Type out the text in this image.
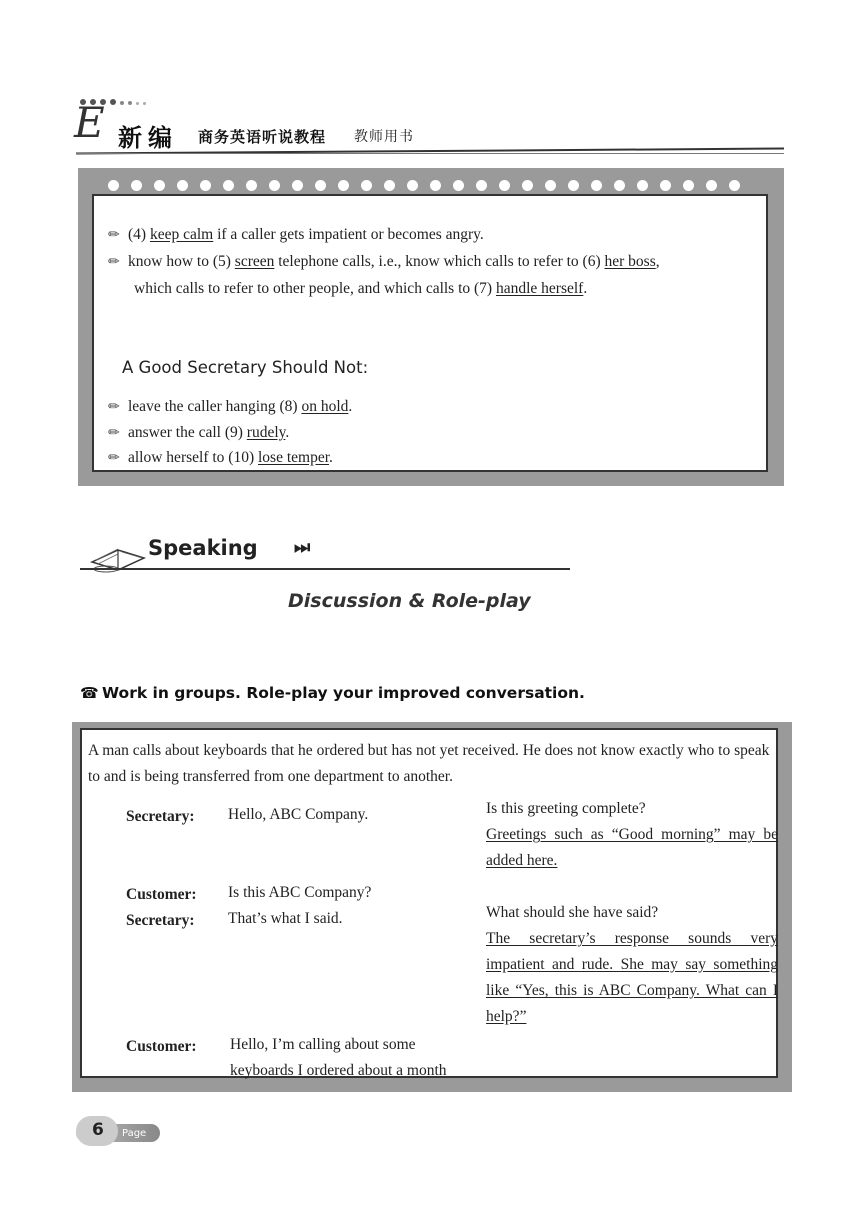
E 新编 商务英语听说教程 教师用书
✏ (4) keep calm if a caller gets impatient or becomes angry.
✏ know how to (5) screen telephone calls, i.e., know which calls to refer to (6) her boss,
which calls to refer to other people, and which calls to (7) handle herself.
A Good Secretary Should Not:
✏ leave the caller hanging (8) on hold.
✏ answer the call (9) rudely.
✏ allow herself to (10) lose temper.
Speaking ⏭
Discussion & Role-play
☎ Work in groups. Role-play your improved conversation.
A man calls about keyboards that he ordered but has not yet received. He does not know exactly who to speak to and is being transferred from one department to another.
Secretary: Hello, ABC Company.	Is this greeting complete?
Greetings such as “Good morning” may be added here.
Customer: Is this ABC Company?
Secretary: That’s what I said.	What should she have said?
The secretary’s response sounds very impatient and rude. She may say something like “Yes, this is ABC Company. What can I help?”
Customer: Hello, I’m calling about some
keyboards I ordered about a month
6 Page
